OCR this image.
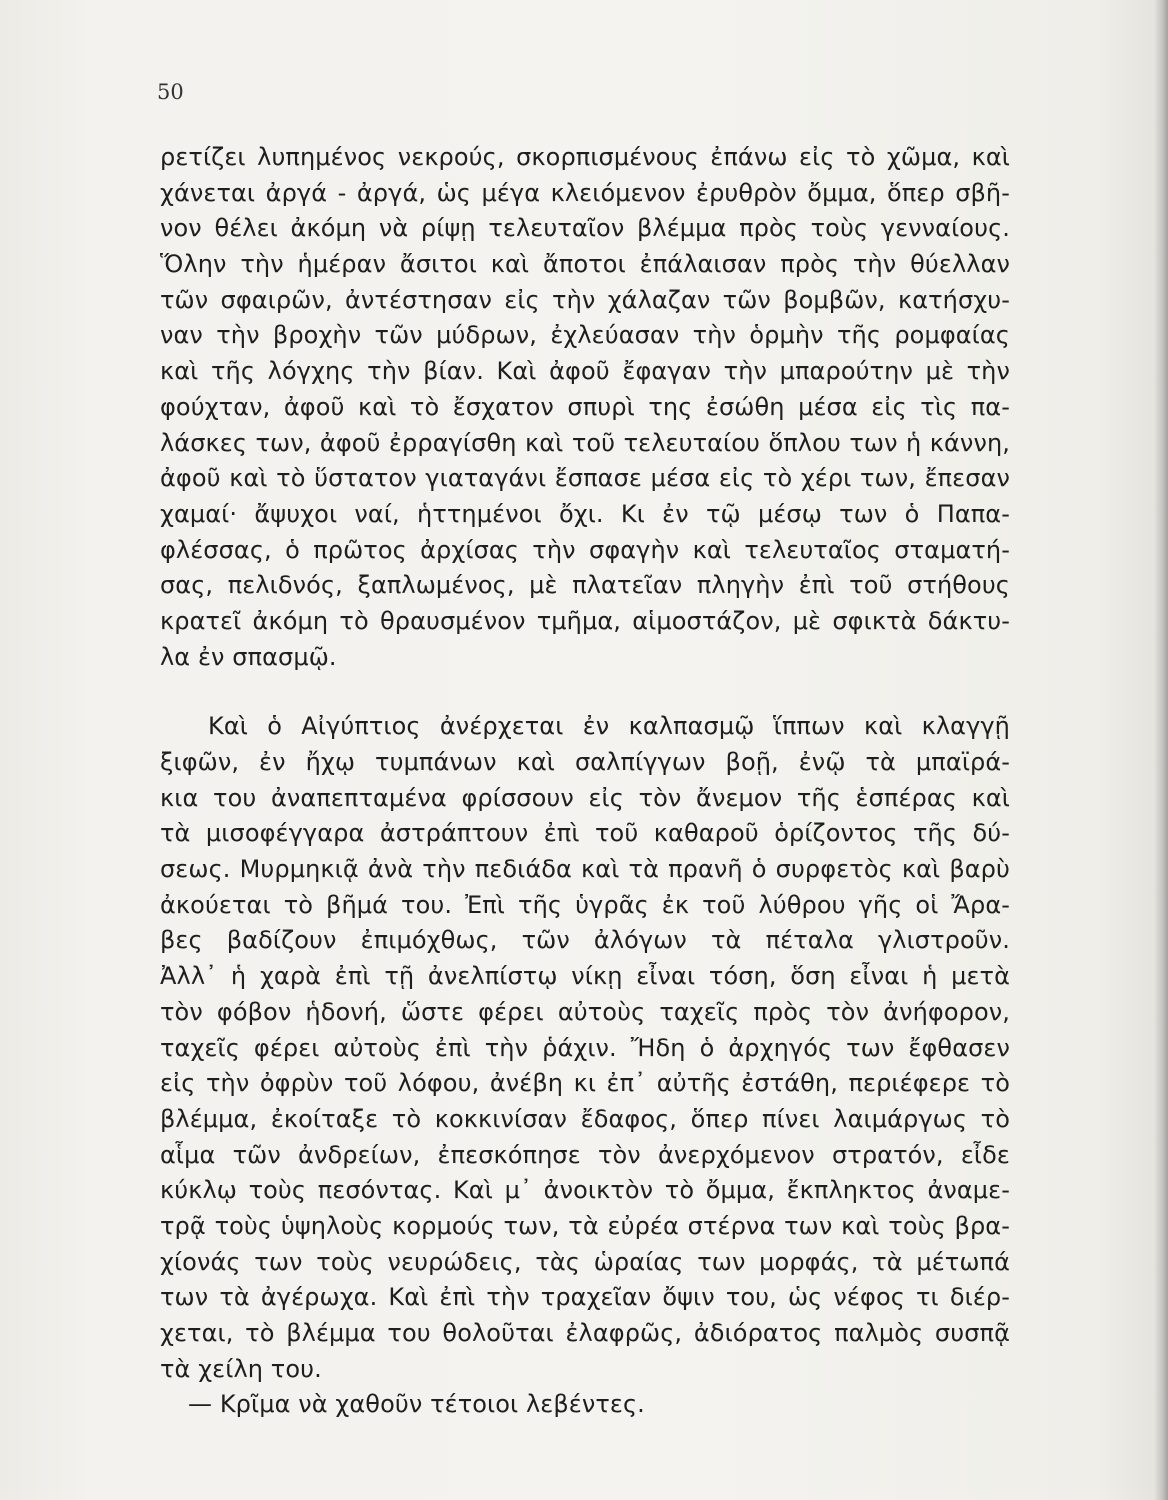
50
ρετίζει λυπημένος νεκρούς, σκορπισμένους ἐπάνω εἰς τὸ χῶμα, καὶ
χάνεται ἀργά - ἀργά, ὡς μέγα κλειόμενον ἐρυθρὸν ὄμμα, ὅπερ σβῆ-
νον θέλει ἀκόμη νὰ ρίψῃ τελευταῖον βλέμμα πρὸς τοὺς γενναίους.
Ὅλην τὴν ἡμέραν ἄσιτοι καὶ ἄποτοι ἐπάλαισαν πρὸς τὴν θύελλαν
τῶν σφαιρῶν, ἀντέστησαν εἰς τὴν χάλαζαν τῶν βομβῶν, κατήσχυ-
ναν τὴν βροχὴν τῶν μύδρων, ἐχλεύασαν τὴν ὁρμὴν τῆς ρομφαίας
καὶ τῆς λόγχης τὴν βίαν. Καὶ ἀφοῦ ἔφαγαν τὴν μπαρούτην μὲ τὴν
φούχταν, ἀφοῦ καὶ τὸ ἔσχατον σπυρὶ της ἐσώθη μέσα εἰς τὶς πα-
λάσκες των, ἀφοῦ ἐρραγίσθη καὶ τοῦ τελευταίου ὅπλου των ἡ κάννη,
ἀφοῦ καὶ τὸ ὕστατον γιαταγάνι ἔσπασε μέσα εἰς τὸ χέρι των, ἔπεσαν
χαμαί· ἄψυχοι ναί, ἡττημένοι ὄχι. Κι ἐν τῷ μέσῳ των ὁ Παπα-
φλέσσας, ὁ πρῶτος ἀρχίσας τὴν σφαγὴν καὶ τελευταῖος σταματή-
σας, πελιδνός, ξαπλωμένος, μὲ πλατεῖαν πληγὴν ἐπὶ τοῦ στήθους
κρατεῖ ἀκόμη τὸ θραυσμένον τμῆμα, αἱμοστάζον, μὲ σφικτὰ δάκτυ-
λα ἐν σπασμῷ.
Καὶ ὁ Αἰγύπτιος ἀνέρχεται ἐν καλπασμῷ ἵππων καὶ κλαγγῇ
ξιφῶν, ἐν ἤχῳ τυμπάνων καὶ σαλπίγγων βοῇ, ἐνῷ τὰ μπαϊρά-
κια του ἀναπεπταμένα φρίσσουν εἰς τὸν ἄνεμον τῆς ἑσπέρας καὶ
τὰ μισοφέγγαρα ἀστράπτουν ἐπὶ τοῦ καθαροῦ ὁρίζοντος τῆς δύ-
σεως. Μυρμηκιᾷ ἀνὰ τὴν πεδιάδα καὶ τὰ πρανῆ ὁ συρφετὸς καὶ βαρὺ
ἀκούεται τὸ βῆμά του. Ἐπὶ τῆς ὑγρᾶς ἐκ τοῦ λύθρου γῆς οἱ Ἄρα-
βες βαδίζουν ἐπιμόχθως, τῶν ἀλόγων τὰ πέταλα γλιστροῦν.
Ἀλλ᾽ ἡ χαρὰ ἐπὶ τῇ ἀνελπίστῳ νίκῃ εἶναι τόση, ὅση εἶναι ἡ μετὰ
τὸν φόβον ἡδονή, ὥστε φέρει αὐτοὺς ταχεῖς πρὸς τὸν ἀνήφορον,
ταχεῖς φέρει αὐτοὺς ἐπὶ τὴν ῥάχιν. Ἤδη ὁ ἀρχηγός των ἔφθασεν
εἰς τὴν ὀφρὺν τοῦ λόφου, ἀνέβη κι ἐπ᾽ αὐτῆς ἐστάθη, περιέφερε τὸ
βλέμμα, ἐκοίταξε τὸ κοκκινίσαν ἔδαφος, ὅπερ πίνει λαιμάργως τὸ
αἷμα τῶν ἀνδρείων, ἐπεσκόπησε τὸν ἀνερχόμενον στρατόν, εἶδε
κύκλῳ τοὺς πεσόντας. Καὶ μ᾽ ἀνοικτὸν τὸ ὄμμα, ἔκπληκτος ἀναμε-
τρᾷ τοὺς ὑψηλοὺς κορμούς των, τὰ εὐρέα στέρνα των καὶ τοὺς βρα-
χίονάς των τοὺς νευρώδεις, τὰς ὡραίας των μορφάς, τὰ μέτωπά
των τὰ ἀγέρωχα. Καὶ ἐπὶ τὴν τραχεῖαν ὄψιν του, ὡς νέφος τι διέρ-
χεται, τὸ βλέμμα του θολοῦται ἐλαφρῶς, ἀδιόρατος παλμὸς συσπᾷ
τὰ χείλη του.
— Κρῖμα νὰ χαθοῦν τέτοιοι λεβέντες.
